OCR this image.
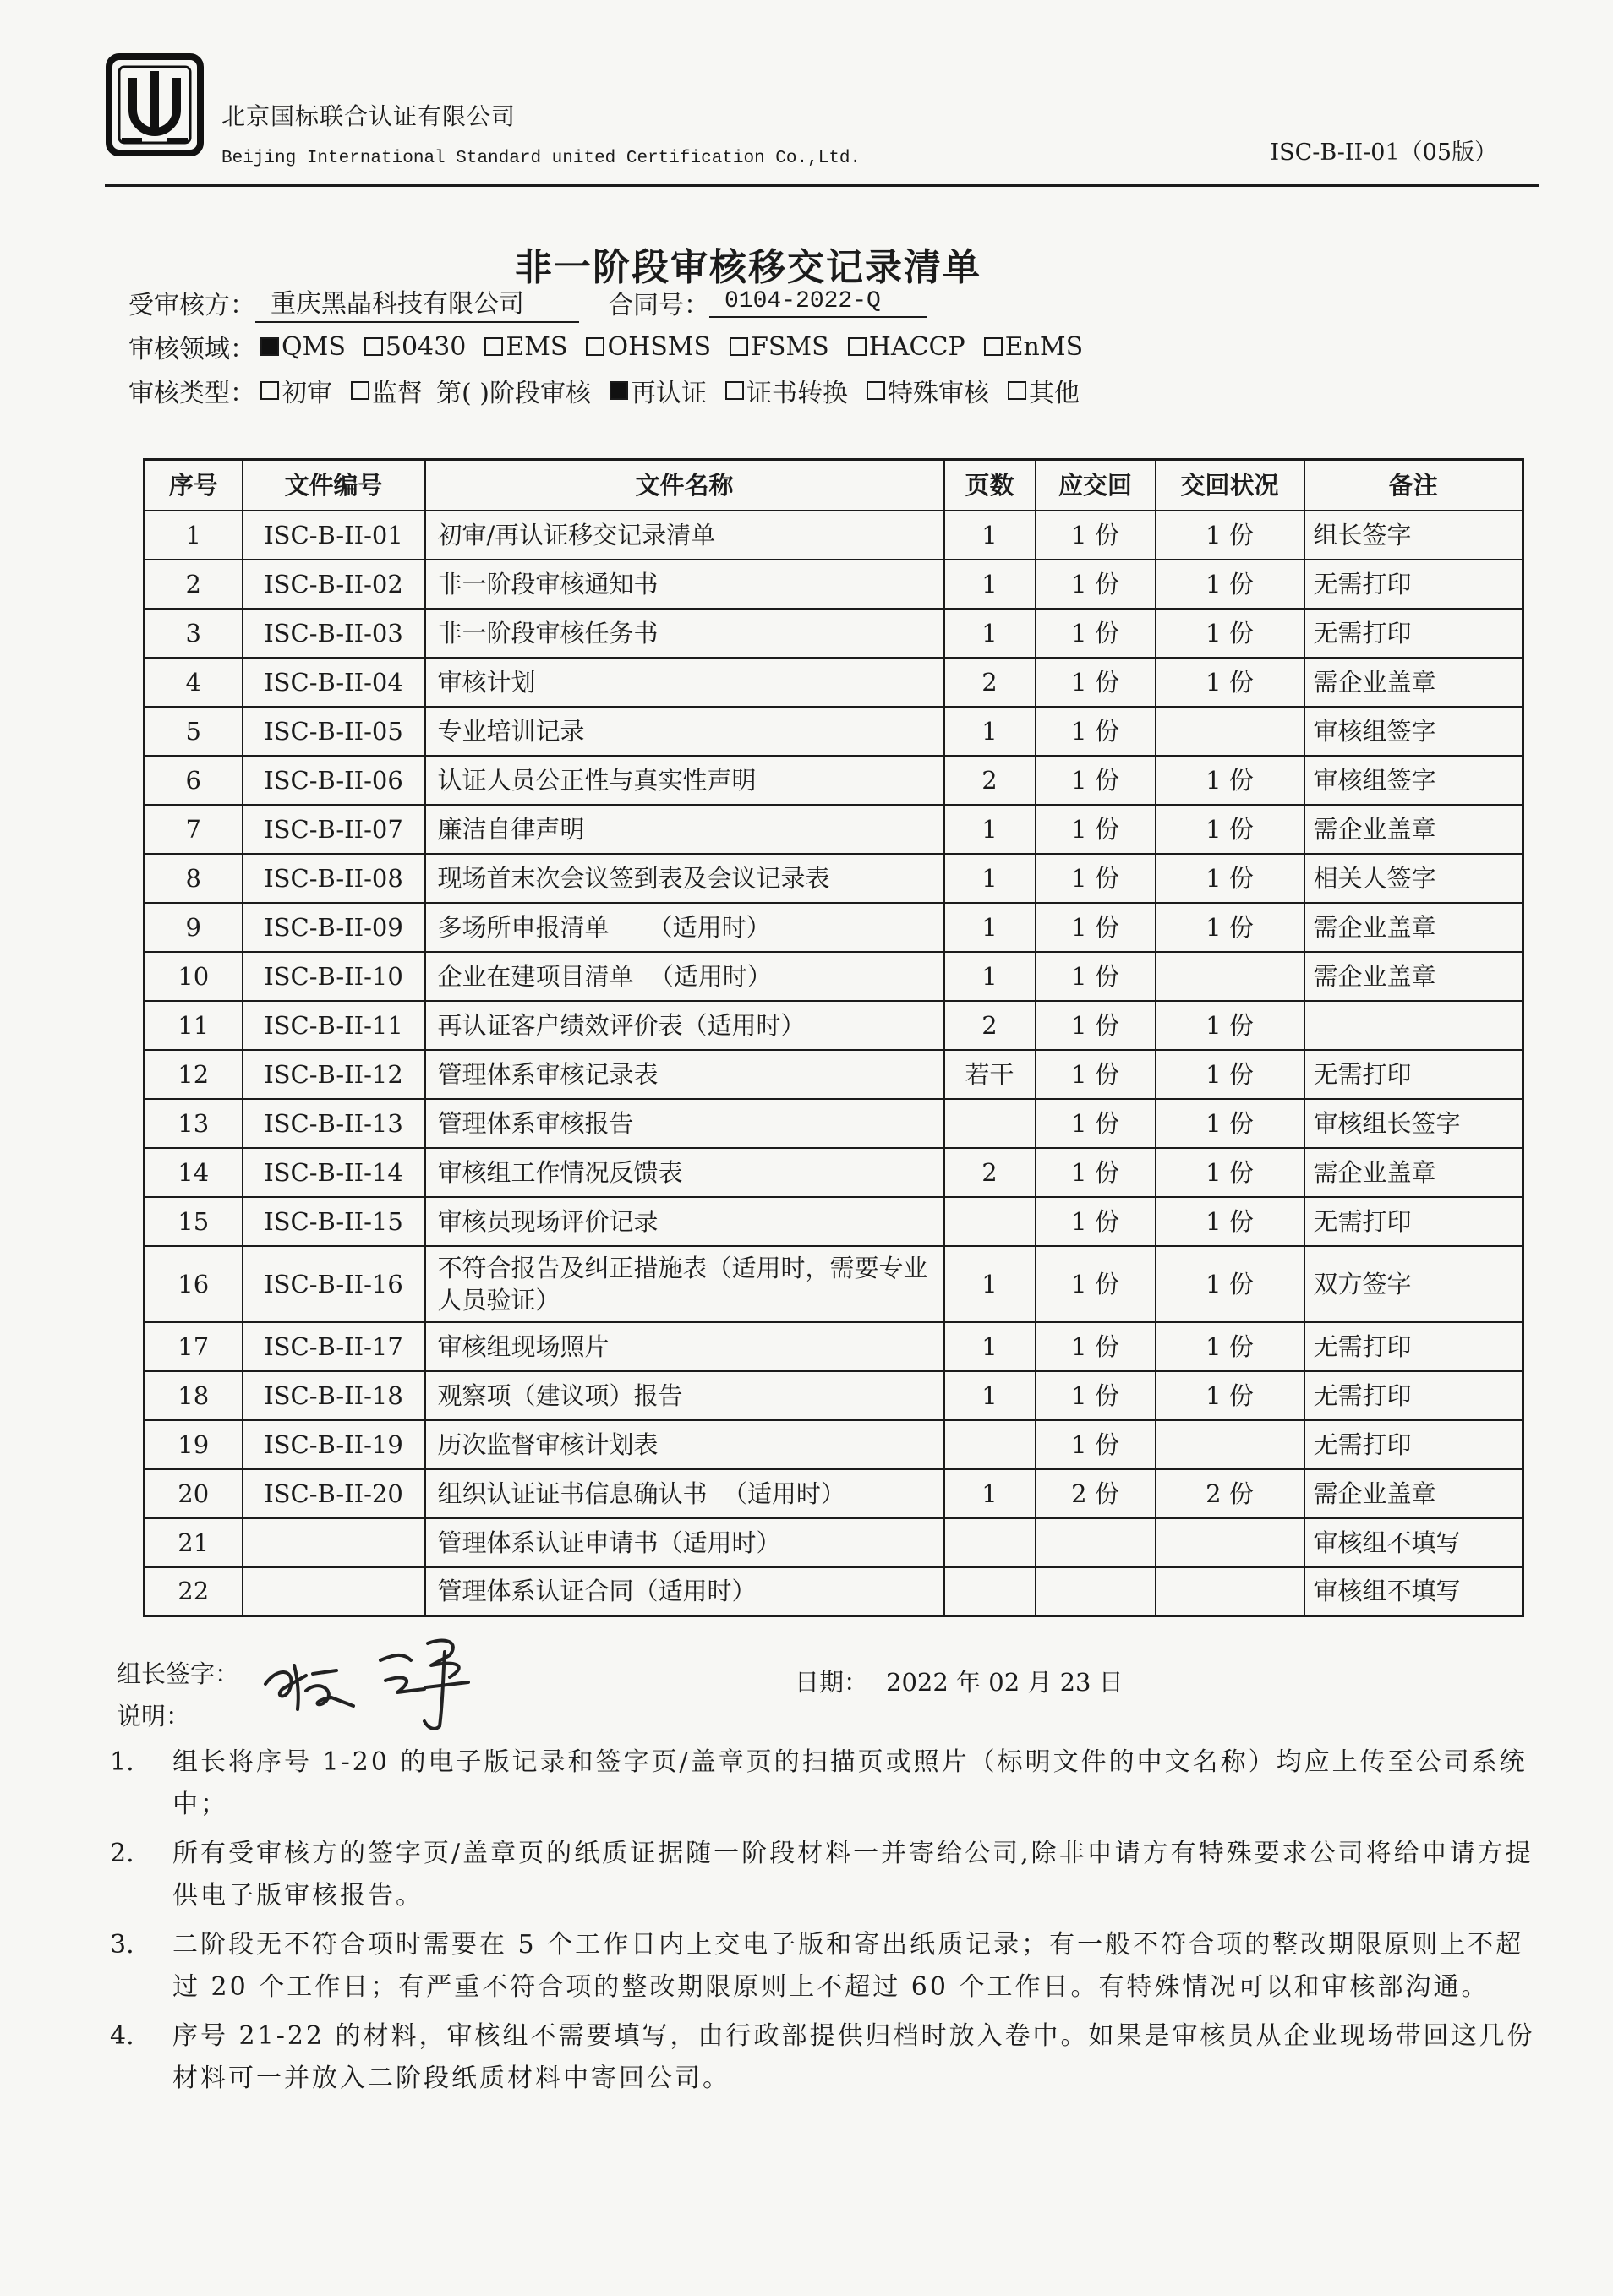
北京国标联合认证有限公司
Beijing International Standard united Certification Co.,Ltd.	ISC-B-II-01（05版）
非一阶段审核移交记录清单
受审核方： 重庆黑晶科技有限公司	合同号： 0104-2022-Q
审核领域： QMS 50430 EMS OHSMS FSMS HACCP EnMS
审核类型： 初审 监督 第( )阶段审核 再认证 证书转换 特殊审核 其他
序号	文件编号	文件名称	页数	应交回	交回状况	备注
1	ISC-B-II-01	初审/再认证移交记录清单	1	1 份	1 份	组长签字
2	ISC-B-II-02	非一阶段审核通知书	1	1 份	1 份	无需打印
3	ISC-B-II-03	非一阶段审核任务书	1	1 份	1 份	无需打印
4	ISC-B-II-04	审核计划	2	1 份	1 份	需企业盖章
5	ISC-B-II-05	专业培训记录	1	1 份		审核组签字
6	ISC-B-II-06	认证人员公正性与真实性声明	2	1 份	1 份	审核组签字
7	ISC-B-II-07	廉洁自律声明	1	1 份	1 份	需企业盖章
8	ISC-B-II-08	现场首末次会议签到表及会议记录表	1	1 份	1 份	相关人签字
9	ISC-B-II-09	多场所申报清单     （适用时）	1	1 份	1 份	需企业盖章
10	ISC-B-II-10	企业在建项目清单  （适用时）	1	1 份		需企业盖章
11	ISC-B-II-11	再认证客户绩效评价表（适用时）	2	1 份	1 份	
12	ISC-B-II-12	管理体系审核记录表	若干	1 份	1 份	无需打印
13	ISC-B-II-13	管理体系审核报告		1 份	1 份	审核组长签字
14	ISC-B-II-14	审核组工作情况反馈表	2	1 份	1 份	需企业盖章
15	ISC-B-II-15	审核员现场评价记录		1 份	1 份	无需打印
16	ISC-B-II-16	不符合报告及纠正措施表（适用时，需要专业人员验证）	1	1 份	1 份	双方签字
17	ISC-B-II-17	审核组现场照片	1	1 份	1 份	无需打印
18	ISC-B-II-18	观察项（建议项）报告	1	1 份	1 份	无需打印
19	ISC-B-II-19	历次监督审核计划表		1 份		无需打印
20	ISC-B-II-20	组织认证证书信息确认书  （适用时）	1	2 份	2 份	需企业盖章
21		管理体系认证申请书（适用时）				审核组不填写
22		管理体系认证合同（适用时）				审核组不填写
组长签字：	日期： 2022 年 02 月 23 日
说明：
1.	组长将序号 1-20 的电子版记录和签字页/盖章页的扫描页或照片（标明文件的中文名称）均应上传至公司系统中；
2.	所有受审核方的签字页/盖章页的纸质证据随一阶段材料一并寄给公司,除非申请方有特殊要求公司将给申请方提供电子版审核报告。
3.	二阶段无不符合项时需要在 5 个工作日内上交电子版和寄出纸质记录；有一般不符合项的整改期限原则上不超过 20 个工作日；有严重不符合项的整改期限原则上不超过 60 个工作日。有特殊情况可以和审核部沟通。
4.	序号 21-22 的材料，审核组不需要填写，由行政部提供归档时放入卷中。如果是审核员从企业现场带回这几份材料可一并放入二阶段纸质材料中寄回公司。
